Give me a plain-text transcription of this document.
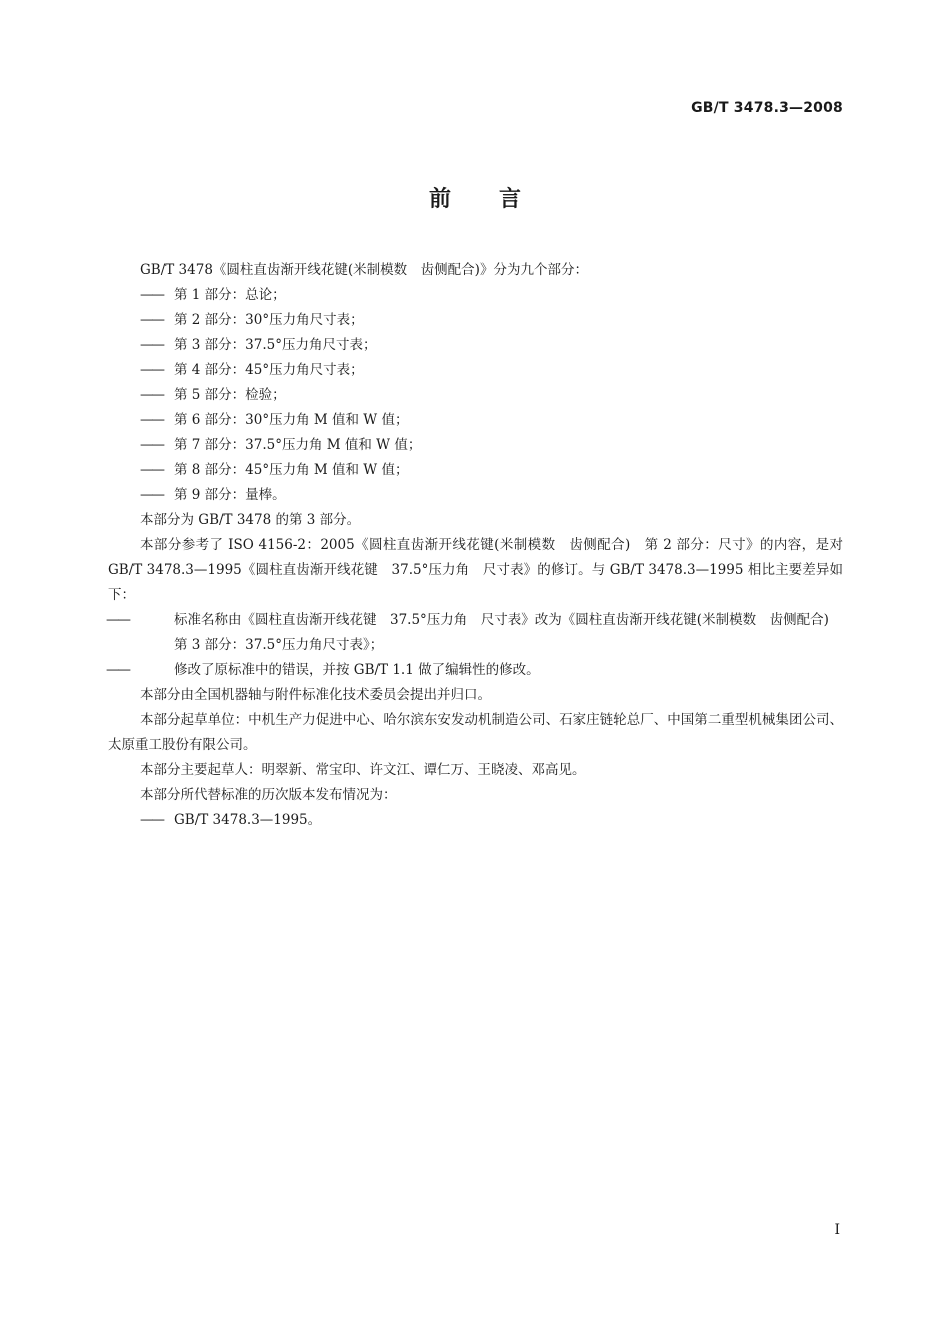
GB/T 3478.3—2008
前言

GB/T 3478《圆柱直齿渐开线花键(米制模数　齿侧配合)》分为九个部分：

——第 1 部分：总论；

——第 2 部分：30°压力角尺寸表；

——第 3 部分：37.5°压力角尺寸表；

——第 4 部分：45°压力角尺寸表；

——第 5 部分：检验；

——第 6 部分：30°压力角 M 值和 W 值；

——第 7 部分：37.5°压力角 M 值和 W 值；

——第 8 部分：45°压力角 M 值和 W 值；

——第 9 部分：量棒。

本部分为 GB/T 3478 的第 3 部分。

本部分参考了 ISO 4156-2：2005《圆柱直齿渐开线花键(米制模数　齿侧配合)　第 2 部分：尺寸》的内容，是对 GB/T 3478.3—1995《圆柱直齿渐开线花键　37.5°压力角　尺寸表》的修订。与 GB/T 3478.3—1995 相比主要差异如下：

——标准名称由《圆柱直齿渐开线花键　37.5°压力角　尺寸表》改为《圆柱直齿渐开线花键(米制模数　齿侧配合)　第 3 部分：37.5°压力角尺寸表》；

——修改了原标准中的错误，并按 GB/T 1.1 做了编辑性的修改。

本部分由全国机器轴与附件标准化技术委员会提出并归口。

本部分起草单位：中机生产力促进中心、哈尔滨东安发动机制造公司、石家庄链轮总厂、中国第二重型机械集团公司、太原重工股份有限公司。

本部分主要起草人：明翠新、常宝印、许文江、谭仁万、王晓凌、邓高见。

本部分所代替标准的历次版本发布情况为：

——GB/T 3478.3—1995。

I
